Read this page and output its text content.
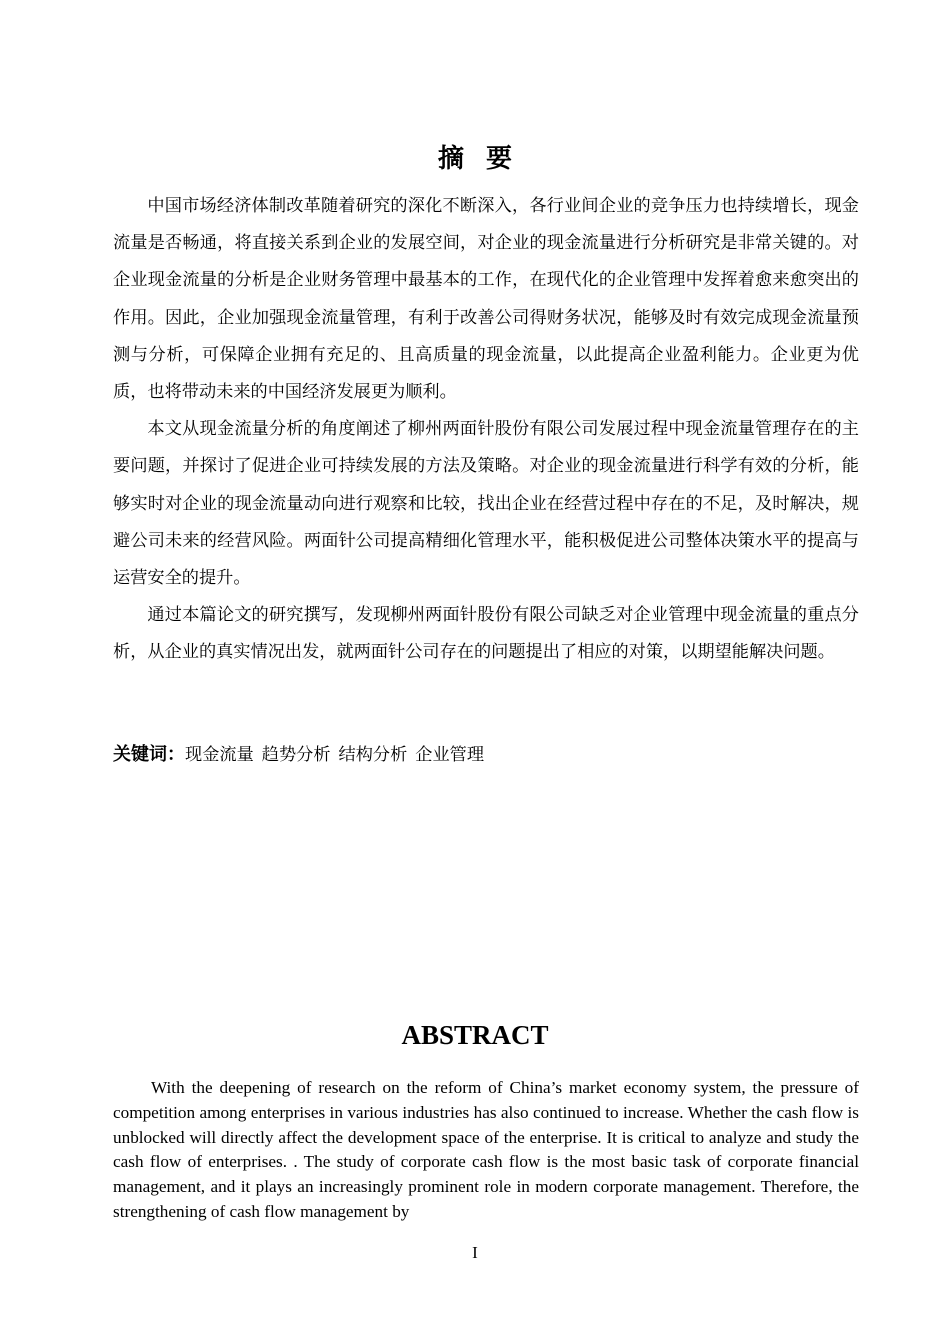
摘要

中国市场经济体制改革随着研究的深化不断深入，各行业间企业的竞争压力也持续增长，现金流量是否畅通，将直接关系到企业的发展空间，对企业的现金流量进行分析研究是非常关键的。对企业现金流量的分析是企业财务管理中最基本的工作，在现代化的企业管理中发挥着愈来愈突出的作用。因此，企业加强现金流量管理，有利于改善公司得财务状况，能够及时有效完成现金流量预测与分析，可保障企业拥有充足的、且高质量的现金流量，以此提高企业盈利能力。企业更为优质，也将带动未来的中国经济发展更为顺利。

本文从现金流量分析的角度阐述了柳州两面针股份有限公司发展过程中现金流量管理存在的主要问题，并探讨了促进企业可持续发展的方法及策略。对企业的现金流量进行科学有效的分析，能够实时对企业的现金流量动向进行观察和比较，找出企业在经营过程中存在的不足，及时解决，规避公司未来的经营风险。两面针公司提高精细化管理水平，能积极促进公司整体决策水平的提高与运营安全的提升。

通过本篇论文的研究撰写，发现柳州两面针股份有限公司缺乏对企业管理中现金流量的重点分析，从企业的真实情况出发，就两面针公司存在的问题提出了相应的对策，以期望能解决问题。

关键词：现金流量 趋势分析 结构分析 企业管理
ABSTRACT

With the deepening of research on the reform of China’s market economy system, the pressure of competition among enterprises in various industries has also continued to increase. Whether the cash flow is unblocked will directly affect the development space of the enterprise. It is critical to analyze and study the cash flow of enterprises. . The study of corporate cash flow is the most basic task of corporate financial management, and it plays an increasingly prominent role in modern corporate management. Therefore, the strengthening of cash flow management by

I
